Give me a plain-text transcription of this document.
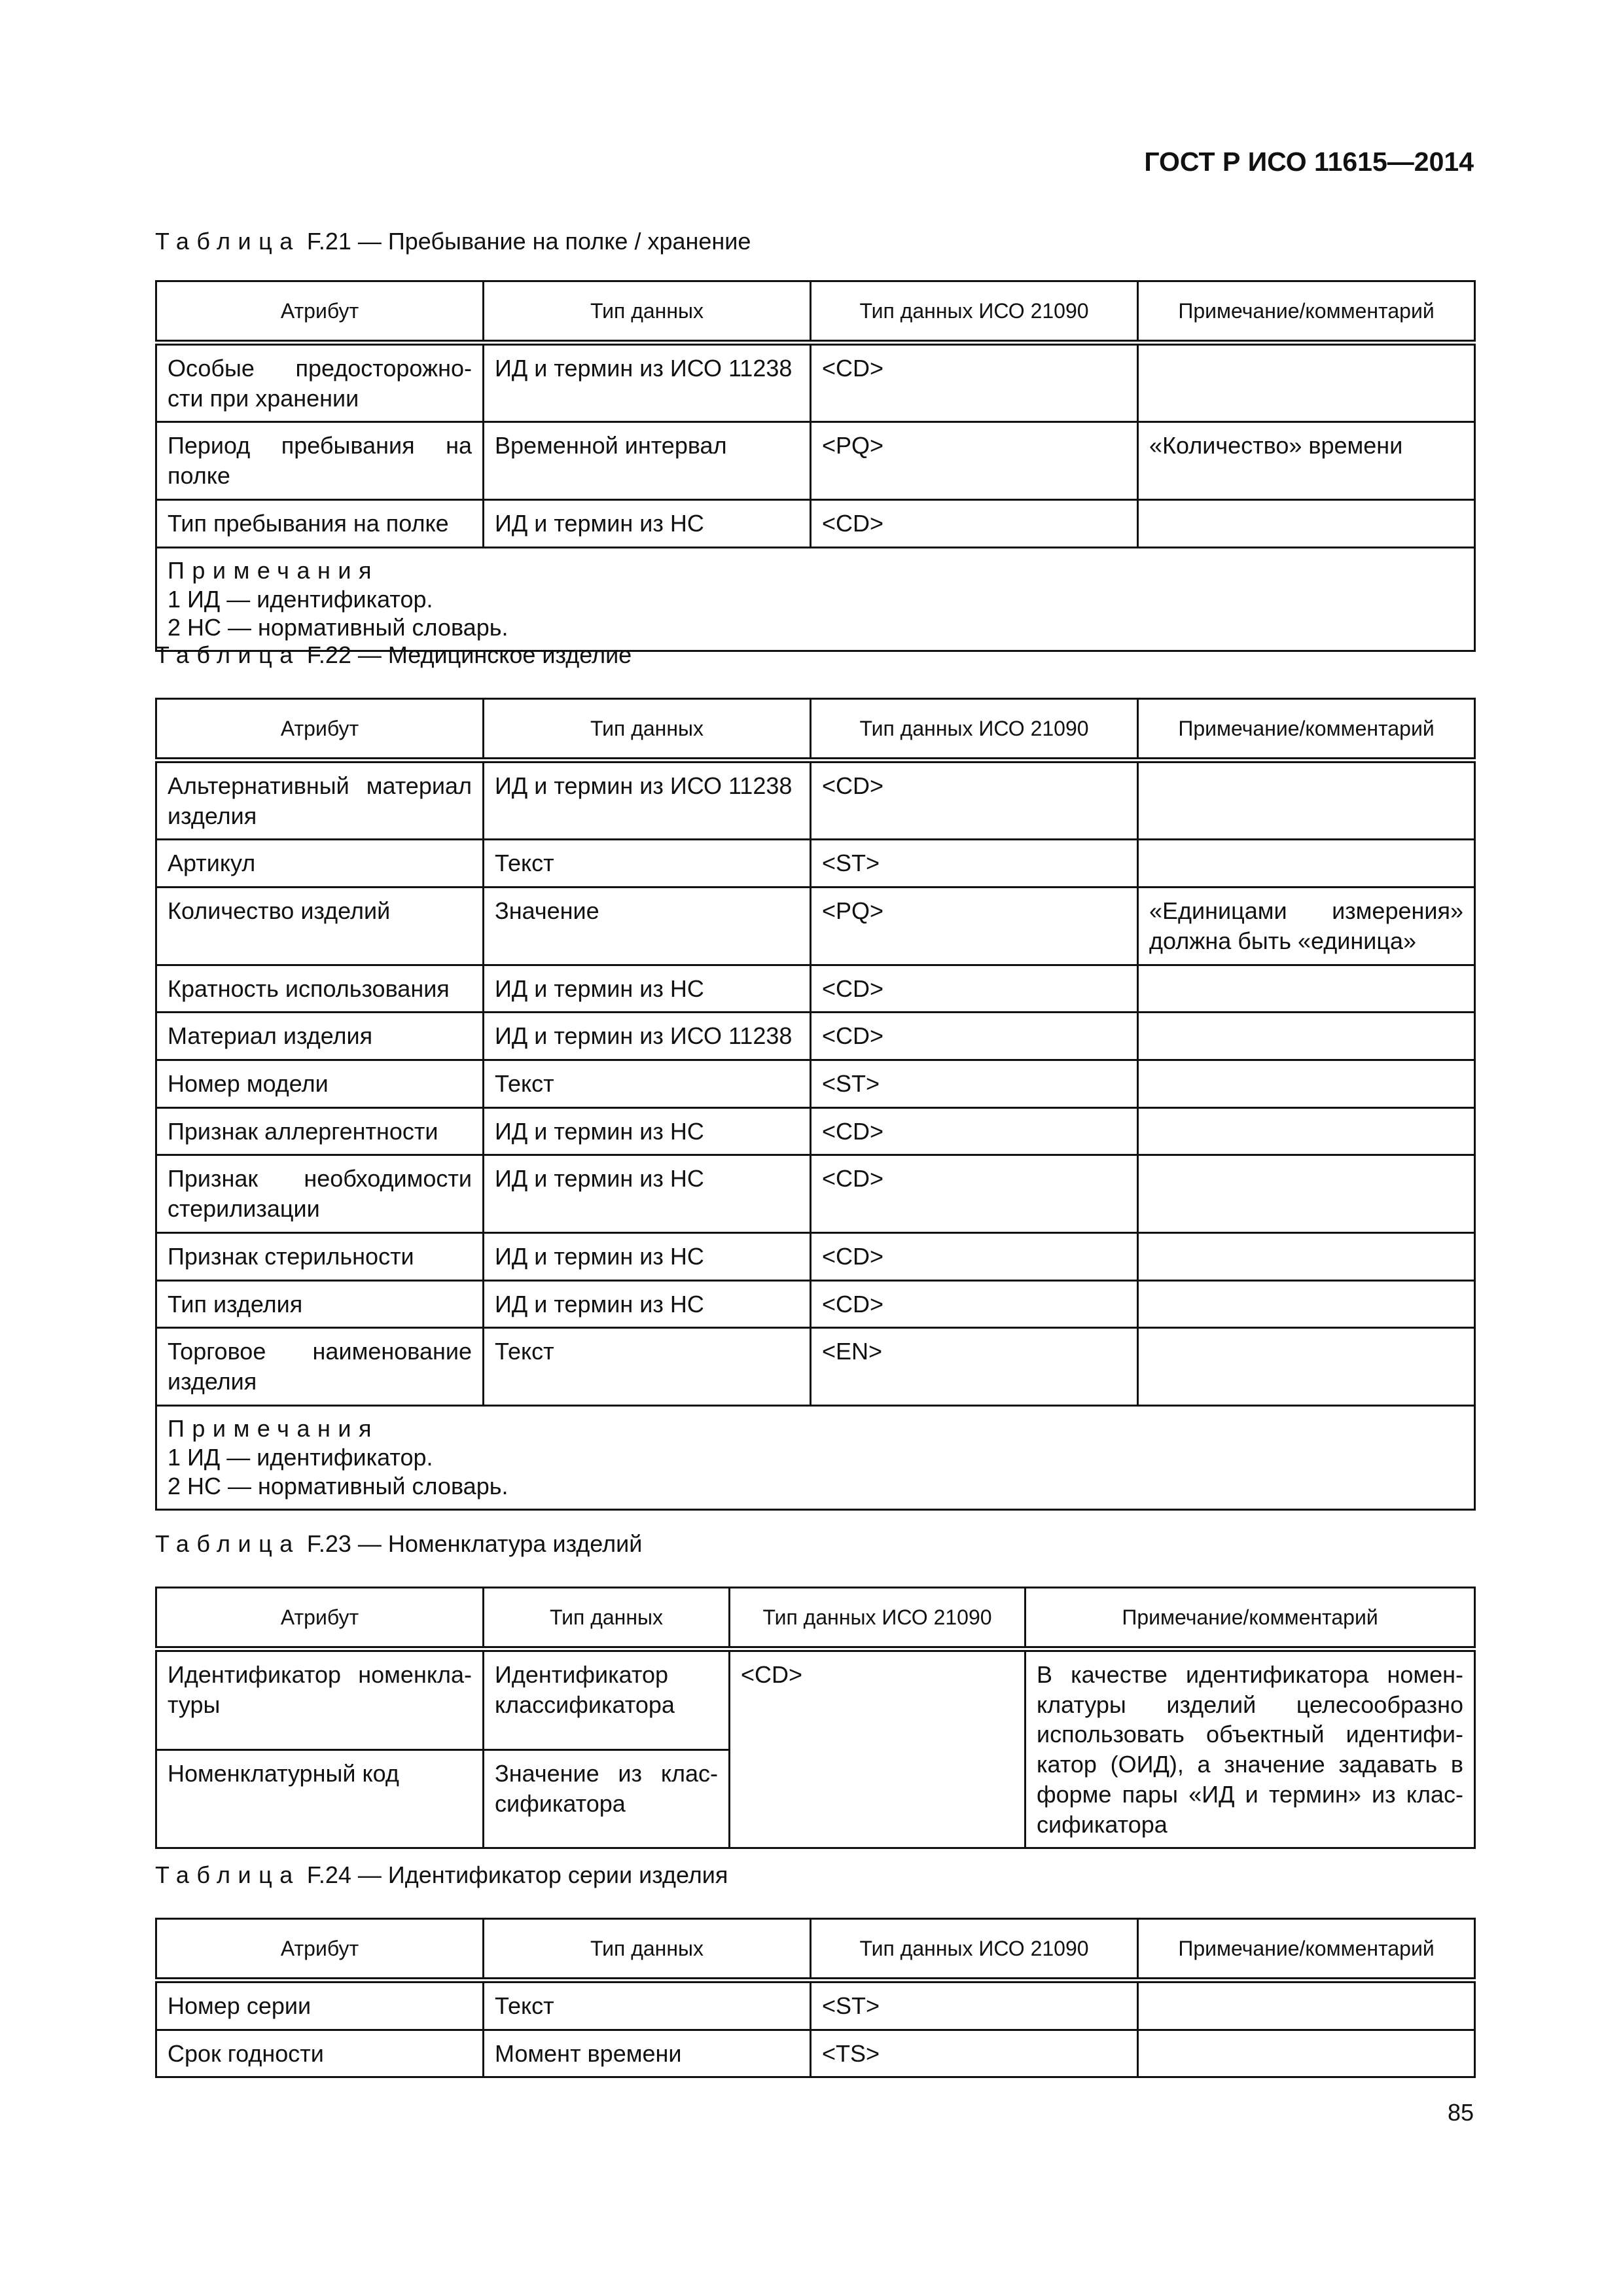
ГОСТ Р ИСО 11615—2014
Таблица F.21 — Пребывание на полке / хранение
Атрибут	Тип данных	Тип данных ИСО 21090	Примечание/комментарий
Особые предосторожно-сти при хранении	ИД и термин из ИСО 11238	<CD>	
Период пребывания на полке	Временной интервал	<PQ>	«Количество» времени
Тип пребывания на полке	ИД и термин из НС	<CD>	

Примечания
1 ИД — идентификатор.
2 НС — нормативный словарь.			
Таблица F.22 — Медицинское изделие
Атрибут	Тип данных	Тип данных ИСО 21090	Примечание/комментарий
Альтернативный материал изделия	ИД и термин из ИСО 11238	<CD>	
Артикул	Текст	<ST>	
Количество изделий	Значение	<PQ>	«Единицами измерения» должна быть «единица»
Кратность использования	ИД и термин из НС	<CD>	
Материал изделия	ИД и термин из ИСО 11238	<CD>	
Номер модели	Текст	<ST>	
Признак аллергентности	ИД и термин из НС	<CD>	
Признак необходимости стерилизации	ИД и термин из НС	<CD>	
Признак стерильности	ИД и термин из НС	<CD>	
Тип изделия	ИД и термин из НС	<CD>	
Торговое наименование изделия	Текст	<EN>	

Примечания
1 ИД — идентификатор.
2 НС — нормативный словарь.			
Таблица F.23 — Номенклатура изделий
Атрибут	Тип данных	Тип данных ИСО 21090	Примечание/комментарий
Идентификатор номенкла-туры	Идентификатор классификатора	<CD>	В качестве идентификатора номен-клатуры изделий целесообразно использовать объектный идентифи-катор (ОИД), а значение задавать в форме пары «ИД и термин» из клас-сификатора
Номенклатурный код	Значение из клас-сификатора		
Таблица F.24 — Идентификатор серии изделия
Атрибут	Тип данных	Тип данных ИСО 21090	Примечание/комментарий
Номер серии	Текст	<ST>	
Срок годности	Момент времени	<TS>	
85
